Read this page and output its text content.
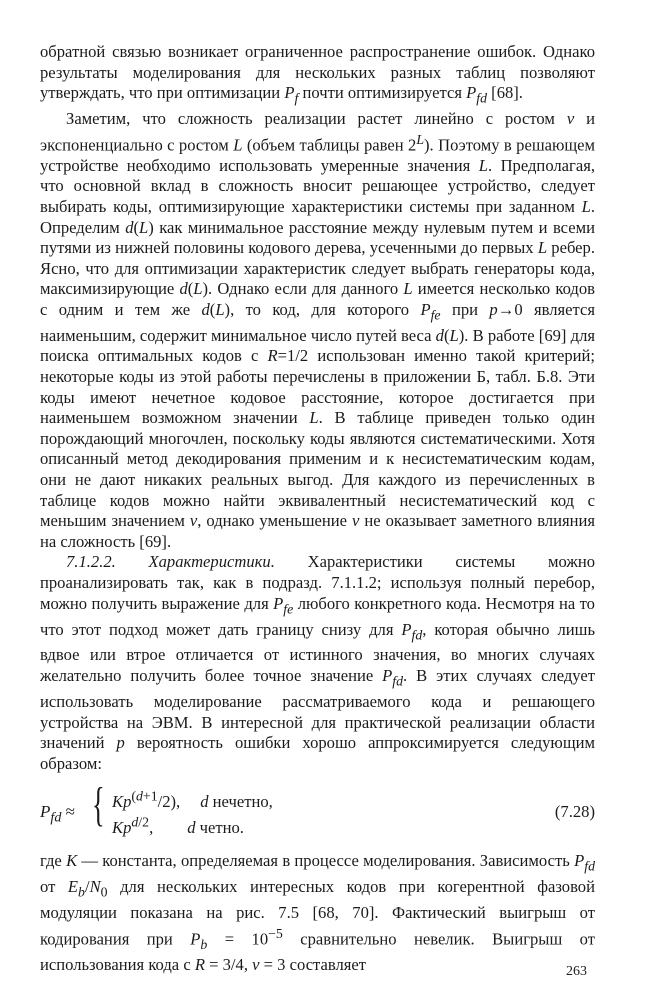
обратной связью возникает ограниченное распространение ошибок. Однако результаты моделирования для нескольких разных таблиц позволяют утверждать, что при оптимизации $P_f$ почти оптимизируется $P_{fd}$ [68].

Заметим, что сложность реализации растет линейно с ростом ν и экспоненциально с ростом L (объем таблицы равен $2^L$). Поэтому в решающем устройстве необходимо использовать умеренные значения L. Предполагая, что основной вклад в сложность вносит решающее устройство, следует выбирать коды, оптимизирующие характеристики системы при заданном L. Определим d(L) как минимальное расстояние между нулевым путем и всеми путями из нижней половины кодового дерева, усеченными до первых L ребер. Ясно, что для оптимизации характеристик следует выбрать генераторы кода, максимизирующие d(L). Однако если для данного L имеется несколько кодов с одним и тем же d(L), то код, для которого $P_{fe}$ при p→0 является наименьшим, содержит минимальное число путей веса d(L). В работе [69] для поиска оптимальных кодов с R=1/2 использован именно такой критерий; некоторые коды из этой работы перечислены в приложении Б, табл. Б.8. Эти коды имеют нечетное кодовое расстояние, которое достигается при наименьшем возможном значении L. В таблице приведен только один порождающий многочлен, поскольку коды являются систематическими. Хотя описанный метод декодирования применим и к несистематическим кодам, они не дают никаких реальных выгод. Для каждого из перечисленных в таблице кодов можно найти эквивалентный несистематический код с меньшим значением ν, однако уменьшение ν не оказывает заметного влияния на сложность [69].

7.1.2.2. Характеристики. Характеристики системы можно проанализировать так, как в подразд. 7.1.1.2; используя полный перебор, можно получить выражение для $P_{fe}$ любого конкретного кода. Несмотря на то что этот подход может дать границу снизу для $P_{fd}$, которая обычно лишь вдвое или втрое отличается от истинного значения, во многих случаях желательно получить более точное значение $P_{fd}$. В этих случаях следует использовать моделирование рассматриваемого кода и решающего устройства на ЭВМ. В интересной для практической реализации области значений p вероятность ошибки хорошо аппроксимируется следующим образом:

$P_{fd}$ ≈ { $Kp^{(d+1}/2$), d нечетно,
$Kp^{d/2}$, d четно.
(7.28)

где K — константа, определяемая в процессе моделирования. Зависимость $P_{fd}$ от $E_b/N_0$ для нескольких интересных кодов при когерентной фазовой модуляции показана на рис. 7.5 [68, 70]. Фактический выигрыш от кодирования при $P_b = 10^{-5}$ сравнительно невелик. Выигрыш от использования кода с R = 3/4, ν = 3 составляет	263
